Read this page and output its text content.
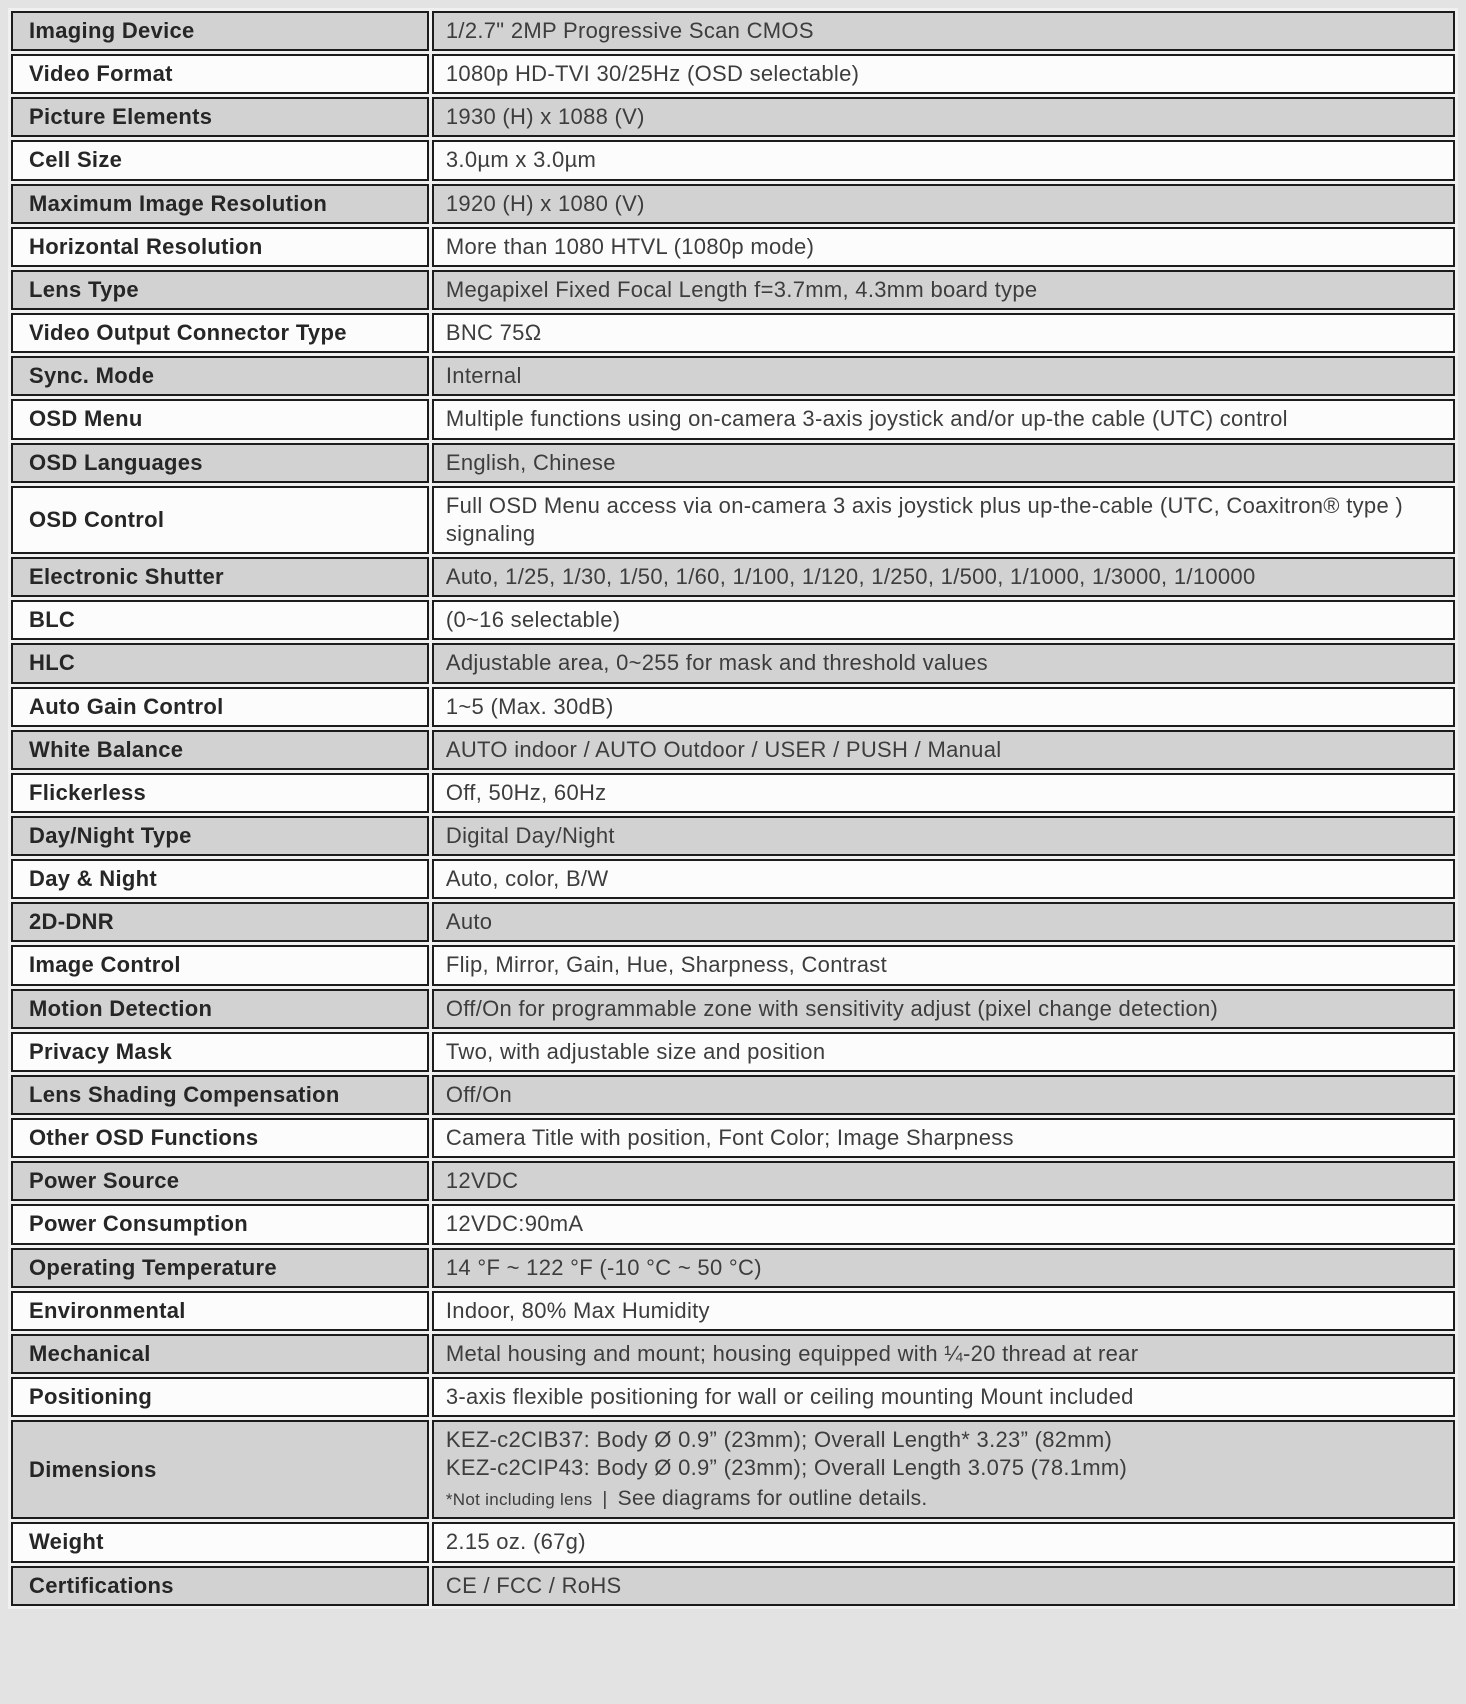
Imaging Device	1/2.7" 2MP Progressive Scan CMOS
Video Format	1080p HD-TVI 30/25Hz (OSD selectable)
Picture Elements	1930 (H) x 1088 (V)
Cell Size	3.0µm x 3.0µm
Maximum Image Resolution	1920 (H) x 1080 (V)
Horizontal Resolution	More than 1080 HTVL (1080p mode)
Lens Type	Megapixel Fixed Focal Length f=3.7mm, 4.3mm board type
Video Output Connector Type	BNC 75Ω
Sync. Mode	Internal
OSD Menu	Multiple functions using on-camera 3-axis joystick and/or up-the cable (UTC) control
OSD Languages	English, Chinese
OSD Control	Full OSD Menu access via on-camera 3 axis joystick plus up-the-cable (UTC, Coaxitron® type ) signaling
Electronic Shutter	Auto, 1/25, 1/30, 1/50, 1/60, 1/100, 1/120, 1/250, 1/500, 1/1000, 1/3000, 1/10000
BLC	(0~16 selectable)
HLC	Adjustable area, 0~255 for mask and threshold values
Auto Gain Control	1~5 (Max. 30dB)
White Balance	AUTO indoor / AUTO Outdoor / USER / PUSH / Manual
Flickerless	Off, 50Hz, 60Hz
Day/Night Type	Digital Day/Night
Day & Night	Auto, color, B/W
2D-DNR	Auto
Image Control	Flip, Mirror, Gain, Hue, Sharpness, Contrast
Motion Detection	Off/On for programmable zone with sensitivity adjust (pixel change detection)
Privacy Mask	Two, with adjustable size and position
Lens Shading Compensation	Off/On
Other OSD Functions	Camera Title with position, Font Color; Image Sharpness
Power Source	12VDC
Power Consumption	12VDC:90mA
Operating Temperature	14 °F ~ 122 °F (-10 °C ~ 50 °C)
Environmental	Indoor, 80% Max Humidity
Mechanical	Metal housing and mount; housing equipped with ¼-20 thread at rear
Positioning	3-axis flexible positioning for wall or ceiling mounting Mount included
Dimensions	KEZ-c2CIB37: Body Ø 0.9” (23mm); Overall Length* 3.23” (82mm)
KEZ-c2CIP43: Body Ø 0.9” (23mm); Overall Length 3.075 (78.1mm)
*Not including lens | See diagrams for outline details.

Weight	2.15 oz. (67g)
Certifications	CE / FCC / RoHS
